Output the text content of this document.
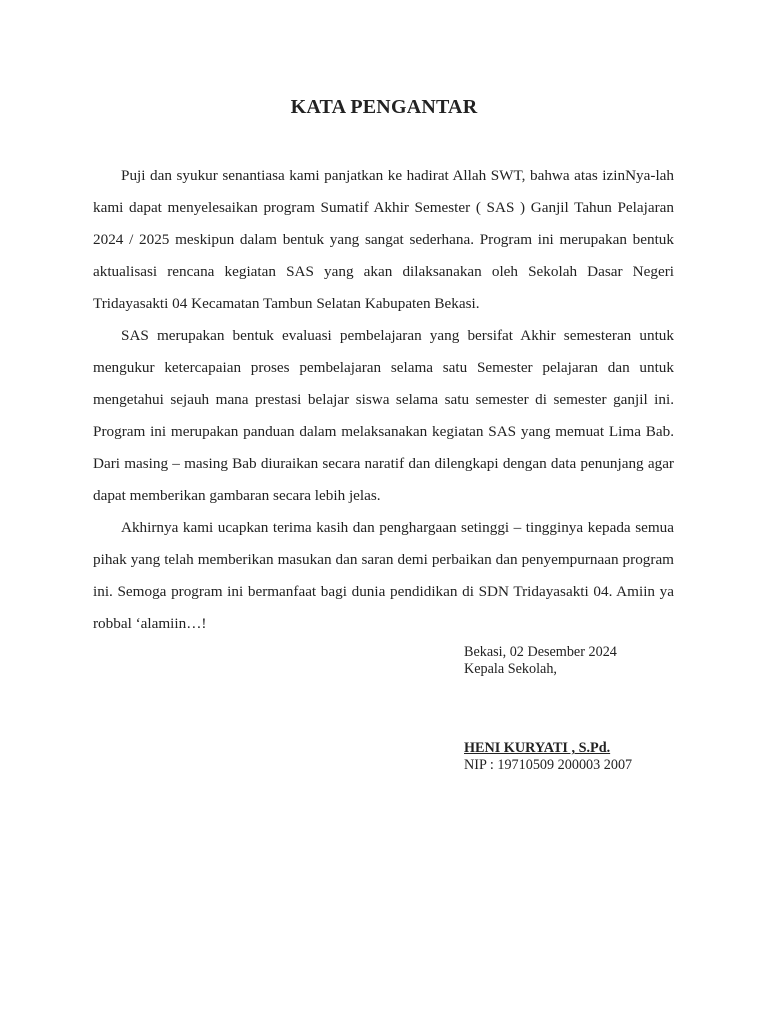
KATA PENGANTAR

Puji dan syukur senantiasa kami panjatkan ke hadirat Allah SWT, bahwa atas izinNya-lah kami dapat menyelesaikan program Sumatif Akhir Semester ( SAS ) Ganjil Tahun Pelajaran 2024 / 2025 meskipun dalam bentuk yang sangat sederhana. Program ini merupakan bentuk aktualisasi rencana kegiatan SAS yang akan dilaksanakan oleh Sekolah Dasar Negeri Tridayasakti 04 Kecamatan Tambun Selatan Kabupaten Bekasi.

SAS merupakan bentuk evaluasi pembelajaran yang bersifat Akhir semesteran untuk mengukur ketercapaian proses pembelajaran selama satu Semester pelajaran dan untuk mengetahui sejauh mana prestasi belajar siswa selama satu semester di semester ganjil ini. Program ini merupakan panduan dalam melaksanakan kegiatan SAS yang memuat Lima Bab. Dari masing – masing Bab diuraikan secara naratif dan dilengkapi dengan data penunjang agar dapat memberikan gambaran secara lebih jelas.

Akhirnya kami ucapkan terima kasih dan penghargaan setinggi – tingginya kepada semua pihak yang telah memberikan masukan dan saran demi perbaikan dan penyempurnaan program ini. Semoga program ini bermanfaat bagi dunia pendidikan di SDN Tridayasakti 04. Amiin ya robbal ‘alamiin…!

Bekasi, 02 Desember 2024
Kepala Sekolah,
HENI KURYATI , S.Pd.
NIP : 19710509 200003 2007
